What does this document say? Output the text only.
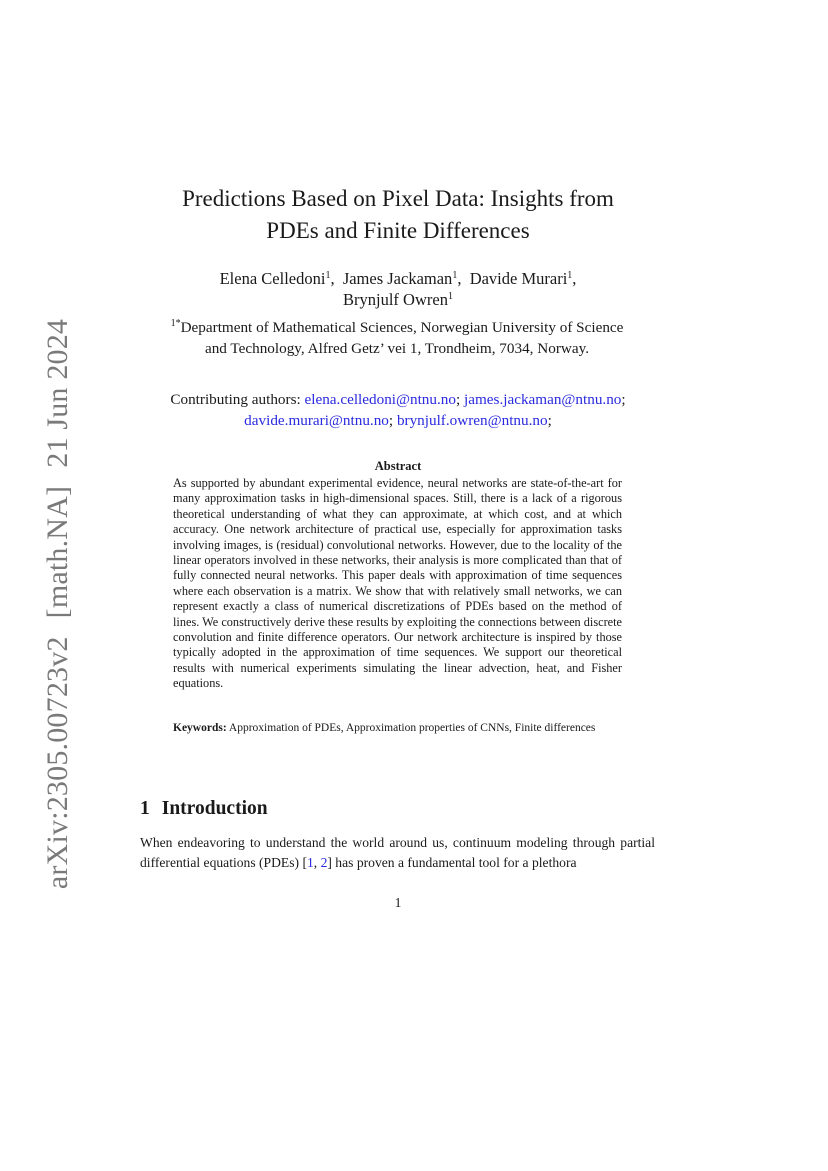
arXiv:2305.00723v2[math.NA]21 Jun 2024
Predictions Based on Pixel Data: Insights from
PDEs and Finite Differences
Elena Celledoni$^1$,  James Jackaman$^1$,  Davide Murari$^1$,
Brynjulf Owren$^1$
$^{1*}$Department of Mathematical Sciences, Norwegian University of Science
and Technology, Alfred Getz’ vei 1, Trondheim, 7034, Norway.
Contributing authors: elena.celledoni@ntnu.no; james.jackaman@ntnu.no;
davide.murari@ntnu.no; brynjulf.owren@ntnu.no;
Abstract
As supported by abundant experimental evidence, neural networks are state-of-the-art for many approximation tasks in high-dimensional spaces. Still, there is a lack of a rigorous theoretical understanding of what they can approximate, at which cost, and at which accuracy. One network architecture of practical use, especially for approximation tasks involving images, is (residual) convolutional networks. However, due to the locality of the linear operators involved in these networks, their analysis is more complicated than that of fully connected neural networks. This paper deals with approximation of time sequences where each observation is a matrix. We show that with relatively small networks, we can represent exactly a class of numerical discretizations of PDEs based on the method of lines. We constructively derive these results by exploiting the connections between discrete convolution and finite difference operators. Our network architecture is inspired by those typically adopted in the approximation of time sequences. We support our theoretical results with numerical experiments simulating the linear advection, heat, and Fisher equations.
Keywords: Approximation of PDEs, Approximation properties of CNNs, Finite differences
1 Introduction
When endeavoring to understand the world around us, continuum modeling through partial differential equations (PDEs) [1, 2] has proven a fundamental tool for a plethora
1
